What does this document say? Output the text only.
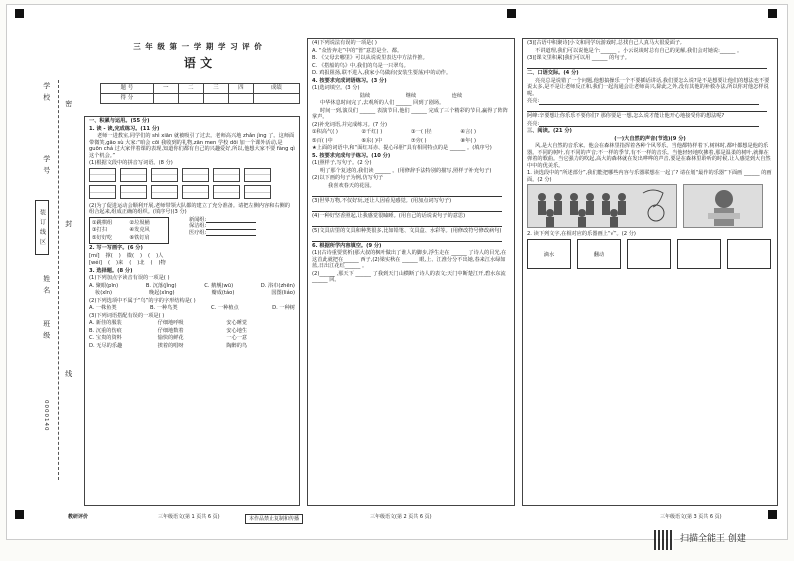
学 校
班 级
学 号
姓 名
装 订 线 区
密
封
线
0000140
三 年 级 第 一 学 期 学 习 评 价
语 文
题 号	一	二	三	四	成绩
得 分					
一、积累与运用。(55 分)
1. 读 - 读,完成练习。(11 分)
老师一进教室,同学们的 shì xiān 就被吸引了过去。老师高兴地 zhǎn jìng 了。这师面带微笑,gāo sù 大家:“咱会 cōi 我收到的礼物,zān men 学校 dōi 加一个课外活动,是 guōn chá 过大家伴着课的表现,知道你们都有自己的兴趣爱好,所以,他想大家不要 fàng qì 这个机会。”
(1)根据文段中的拼音写词语。(8 分)
(2)为了促进运动会顺利开展,老师带领大队都的建立了充分准备。请把左侧内容和右侧的组合起来,组成正确的组织。(填序号)(3 分)
①跳棋组	②垃圾桶
③打扫	④发克风
⑤好好吃	⑥铁钉肩
新闻组:
保洁组:
医疗组:
2. 写一写画字。(6 分)
[mí] 撑( ) 微( ) ( )人
[wéi] ( )来 ( )北 ( )物
3. 选择题。(8 分)
(1)下列加点字读音有误的一项是( )
A. 聚眼(pīn)	B. 沉落(jǐng)	C. 鹅舰(wū)	D. 浴巾(zhēn)
妆(xīn)	晚起(xīng)	瓣成(táo)	国图(liáo)
(2)下列选项中不属于“鸟”的字的字形结构是( )
A. 一株鱼类	B. 一种鸟类	C. 一种植点	D. 一种树
(3)下列词语搭配有误的一项是( )
A. 新佳的服装	仔细地呼吸	安心睡觉
B. 沉重的伤痕	仔细地数着	安心地生
C. 宝贵的资料	愉快的鲜花	一心一意
D. 无尽的乐趣	挨着的唱呀	陶醉的鸟
(4)下列说法有误的一项是( )
A. “众皆奔走”中的“皆”意思是全、都。
B. 《父母去哪里》可以从说说里表达中方法作推。
C. 《搭船的鸟》中,我们的鸟是一只翠鸟。
D. 鸡报阻扬,联不进入,我家小鸟做肩(安装生要荡)中的动作。
4. 按要求完成词语练习。(3 分)
(1)选词填空。(3 分)
陆续	继续	连续
中华休息时间完了,去观所的人们 ______ 回到了剧场。
时间一到,演员们 ______ 表演节目,他们 ______ 完成了三个精彩的节目,赢得了阵阵掌声。
(2)补充词语,并完成练习。(7 分)
①积高气( )	②千红( )	③一( )径	④言( )
⑤百( )中	⑥东( )中	⑦旁( )	⑧年( )
★上面的词语中,和“面红耳赤、提心吊胆”具有相同特点的是 ______ 。(填序号)
5. 按要求完成句子练习。(10 分)
(1)照样子,写句子。(2 分)
明了那个复述的,我们读 ______ 。(用修辞手法特别的描写,照样子补充句子)
(2)以下画的句子为例,仿写句子
我喜欢春天的花园。
(3)世界万物,不仅好玩,还让人因看见感觉。(用加点词写句子)
(4)一种好坚香照起,让我感觉很瞌睡。(用自己的话说说句子的意思)
(5)文具店里的文具和种类很多,比如铅笔、文具盒、水彩等。(用修改符号修改病句)
6. 根据所学内容填空。(9 分)
(1)(古诗重要赏析)那大叔的枫叶做出了谁人的脚步,浮生走在 ______ 了诗人的目光,在这首此就把在______ 西子,(2)梁实秋在 ______ 眼,上、江淮分分不出她,春来江水绿如蓝,日出江花红______ 。
(2)______ ,那天下 ______ 了我到天门山横断了诗人的表文;天门中断楚江开,碧水东流 ______ 回。
(3)[古语中积聚诗]小文和同学玩游戏时,总找自己人真马大很爱面子,
不讲道理,我们可以说他是个:______ 。小云说谈时总有自己的见解,我们会对她说:______ 。
(3)[课文里积累]我们可以用 ______ 的句子。
二、口语交际。(4 分)
亮亮总是说错了一个问题,他想搞操乐一个不要插话讲话,我们要怎么说?是不是想要让他们的想法也不要说太多,是不是让老师反正和,我们一起沟通会让老师高兴,除此之外,没有其他的补救办法,所以你对他怎样说呢。
亮亮:
阿峰:辛要想让你乐乐不要你们? 那你要是一想,怎么说才能让他开心地接受你的想法呢?
亮亮:
三、阅读。(21 分)
(一)大自然的声音(节选)(9 分)
风,是大自然的音乐家。他会在森林里指挥着各种个风琴乐。当他都特样着下,树林时,都叶都想是他的乐器。不同的树叶,有不同的声音;不一样的季节,有不一样的音乐。当他轻轻地吹拂着,那是温柔的树叶,就像在弹着的歌曲。当它强力的吹起,高大的森林就在发出哗哗的声音,要是在森林里聆听的时候,让人感觉到大自然中中的优美乐。
1. 读选段中的“所述部分”,我们能把哪些内容与乐器联想在一起了? 请在划“最作的乐器”下面画 ______ 的画面。(2 分)
2. 读下列文字,在相对应的乐器画上“√”。(2 分)
滴水	翻动
教研评价	三年级语文(第 1 页共 6 页)	本作品禁止复制和传播	三年级语文(第 2 页共 6 页)	三年级语文(第 3 页共 6 页)
扫描全能王 创建
